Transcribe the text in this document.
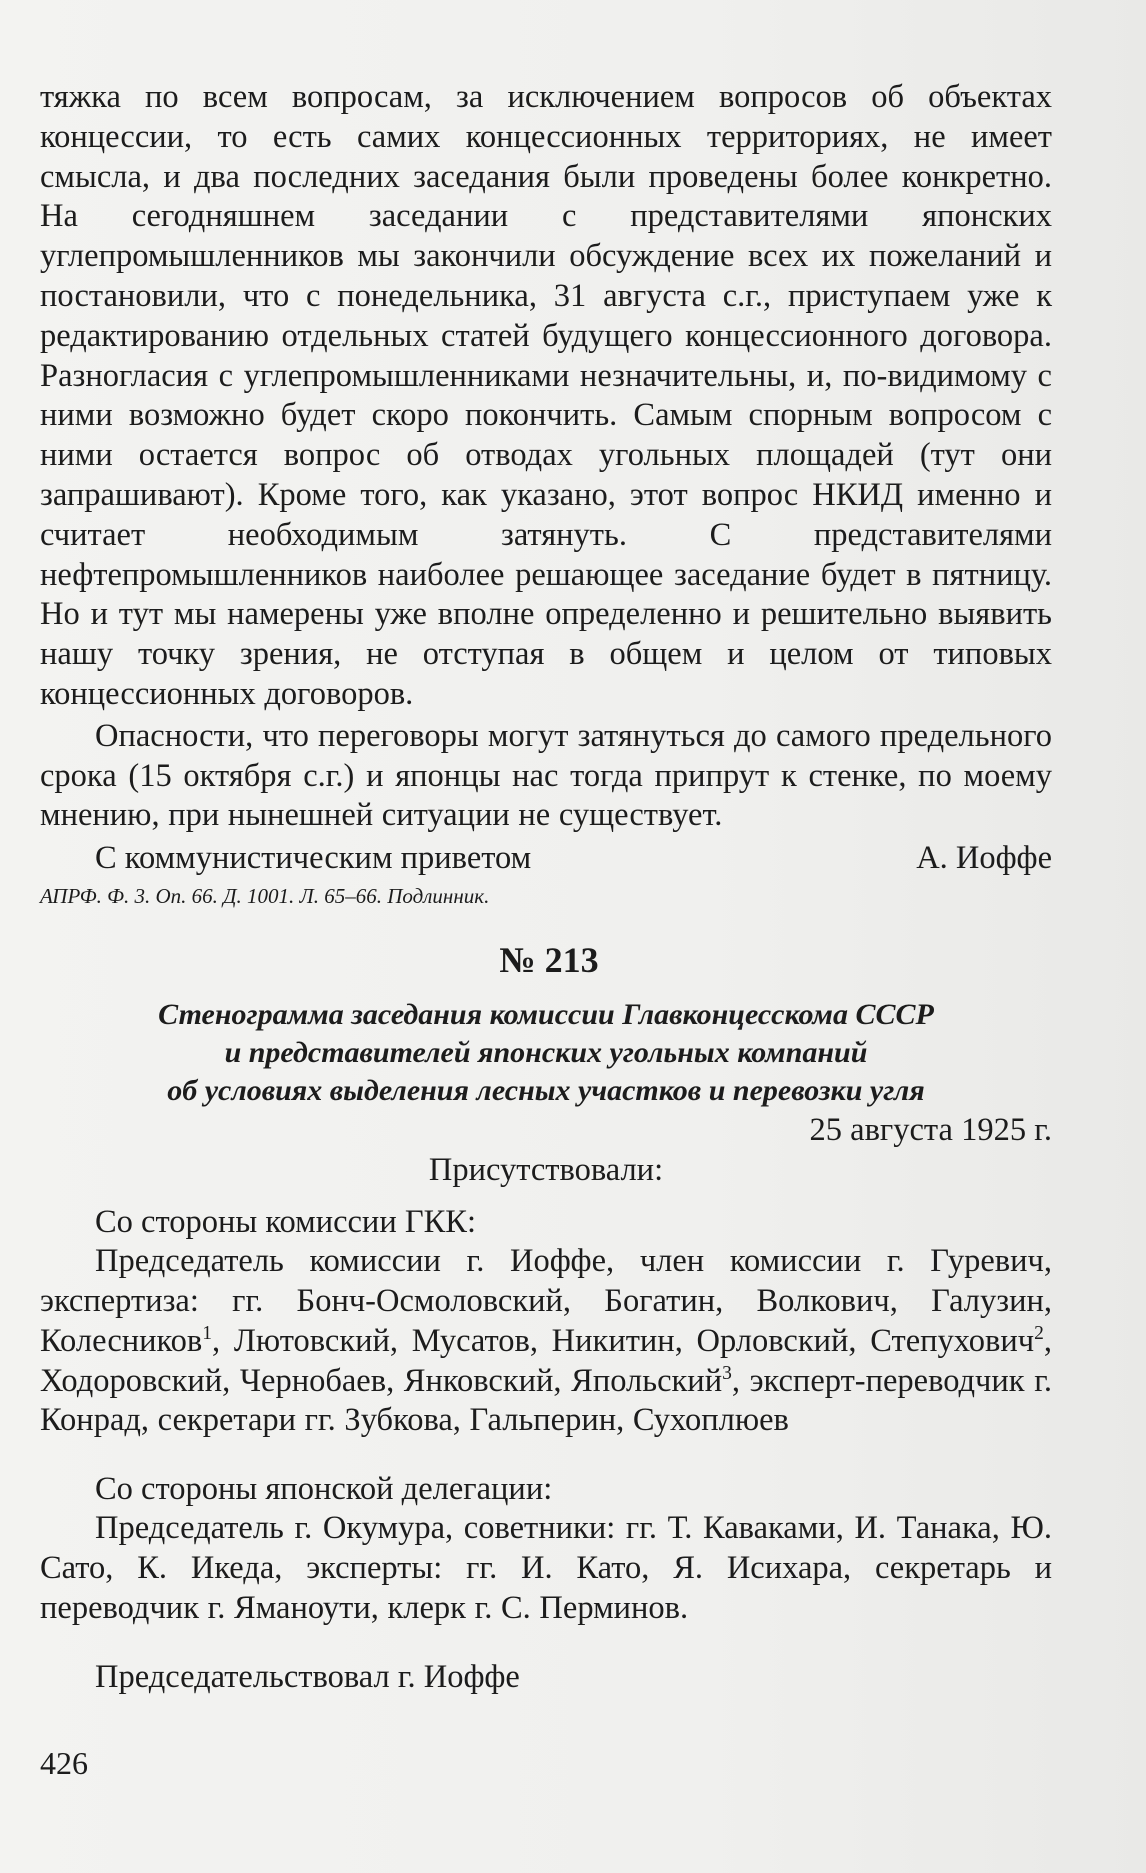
тяжка по всем вопросам, за исключением вопросов об объектах концессии, то есть самих концессионных территориях, не имеет смысла, и два последних заседания были проведены более конкретно. На сегодняшнем заседании с представителями японских углепромышленников мы закончили обсуждение всех их пожеланий и постановили, что с понедельника, 31 августа с.г., приступаем уже к редактированию отдельных статей будущего концессионного договора. Разногласия с углепромышленниками незначительны, и, по-видимому с ними возможно будет скоро покончить. Самым спорным вопросом с ними остается вопрос об отводах угольных площадей (тут они запрашивают). Кроме того, как указано, этот вопрос НКИД именно и считает необходимым затянуть. С представителями нефтепромышленников наиболее решающее заседание будет в пятницу. Но и тут мы намерены уже вполне определенно и решительно выявить нашу точку зрения, не отступая в общем и целом от типовых концессионных договоров.

Опасности, что переговоры могут затянуться до самого предельного срока (15 октября с.г.) и японцы нас тогда припрут к стенке, по моему мнению, при нынешней ситуации не существует.

С коммунистическим приветом	А. Иоффе
АПРФ. Ф. 3. Оп. 66. Д. 1001. Л. 65–66. Подлинник.
№ 213
Стенограмма заседания комиссии Главконцесскома СССР
и представителей японских угольных компаний
об условиях выделения лесных участков и перевозки угля
25 августа 1925 г.
Присутствовали:
Со стороны комиссии ГКК:

Председатель комиссии г. Иоффе, член комиссии г. Гуревич, экспертиза: гг. Бонч-Осмоловский, Богатин, Волкович, Галузин, Колесников$^1$, Лютовский, Мусатов, Никитин, Орловский, Степухович$^2$, Ходоровский, Чернобаев, Янковский, Япольский$^3$, эксперт-переводчик г. Конрад, секретари гг. Зубкова, Гальперин, Сухоплюев

Со стороны японской делегации:

Председатель г. Окумура, советники: гг. Т. Каваками, И. Танака, Ю. Сато, К. Икеда, эксперты: гг. И. Като, Я. Исихара, секретарь и переводчик г. Яманоути, клерк г. С. Перминов.

Председательствовал г. Иоффе
426
